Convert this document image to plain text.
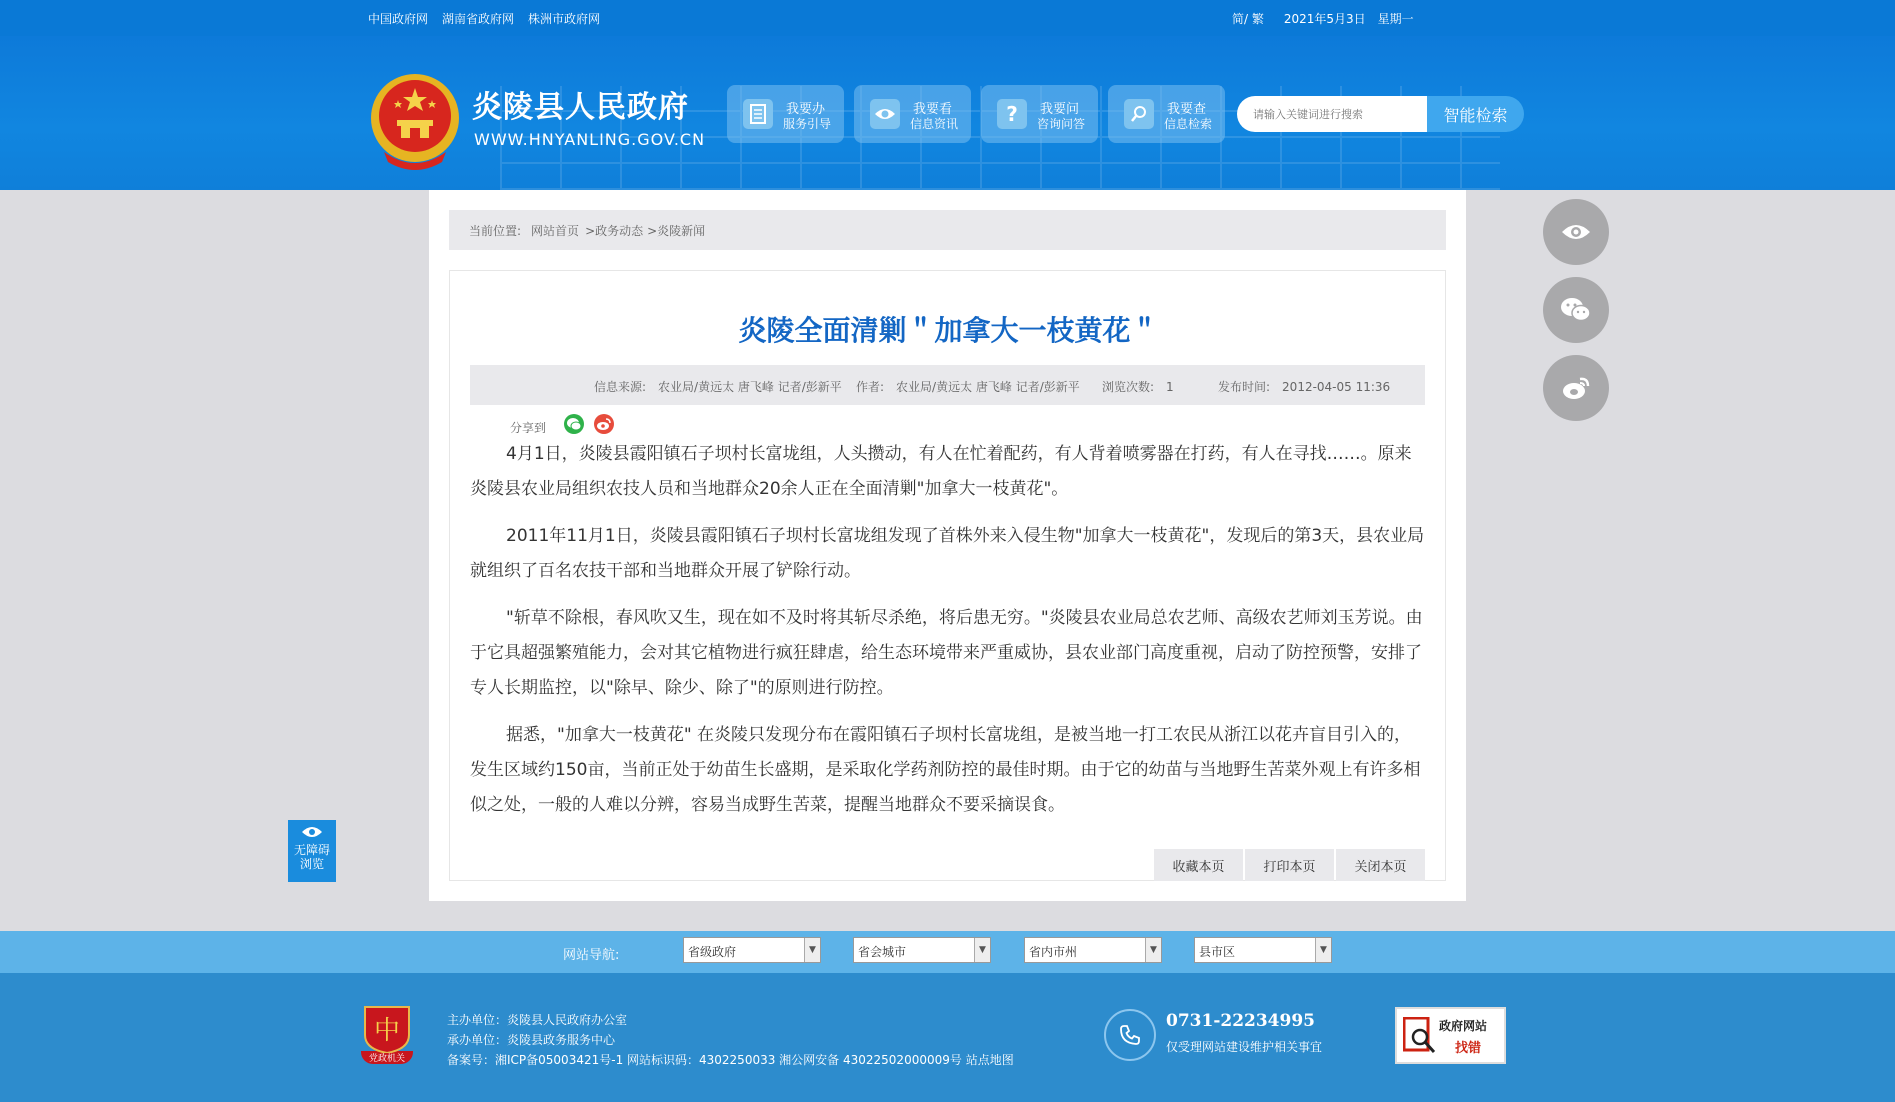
中国政府网 湖南省政府网 株洲市政府网	简/ 繁 2021年5月3日 星期一
炎陵县人民政府
WWW.HNYANLING.GOV.CN
我要办
服务引导
我要看
信息资讯 ? 我要问
咨询问答
我要查
信息检索
请输入关键词进行搜索	智能检索
当前位置: 网站首页 >政务动态 >炎陵新闻
炎陵全面清剿＂加拿大一枝黄花＂
信息来源:　农业局/黄远太 唐飞峰 记者/彭新平 作者:　农业局/黄远太 唐飞峰 记者/彭新平 浏览次数:　1	发布时间:　2012-04-05 11:36
分享到

4月1日，炎陵县霞阳镇石子坝村长富垅组，人头攒动，有人在忙着配药，有人背着喷雾器在打药，有人在寻找……。原来炎陵县农业局组织农技人员和当地群众20余人正在全面清剿"加拿大一枝黄花"。

2011年11月1日，炎陵县霞阳镇石子坝村长富垅组发现了首株外来入侵生物"加拿大一枝黄花"，发现后的第3天，县农业局就组织了百名农技干部和当地群众开展了铲除行动。

"斩草不除根，春风吹又生，现在如不及时将其斩尽杀绝，将后患无穷。"炎陵县农业局总农艺师、高级农艺师刘玉芳说。由于它具超强繁殖能力，会对其它植物进行疯狂肆虐，给生态环境带来严重威协，县农业部门高度重视，启动了防控预警，安排了专人长期监控，以"除早、除少、除了"的原则进行防控。

据悉，"加拿大一枝黄花" 在炎陵只发现分布在霞阳镇石子坝村长富垅组，是被当地一打工农民从浙江以花卉盲目引入的，发生区域约150亩，当前正处于幼苗生长盛期，是采取化学药剂防控的最佳时期。由于它的幼苗与当地野生苦菜外观上有许多相似之处，一般的人难以分辨，容易当成野生苦菜，提醒当地群众不要采摘误食。

收藏本页	打印本页	关闭本页
无障碍浏览
网站导航:	省级政府	▼	省会城市	▼	省内市州	▼	县市区	▼
中
党政机关
主办单位：炎陵县人民政府办公室
承办单位：炎陵县政务服务中心
备案号：湘ICP备05003421号-1 网站标识码：4302250033 湘公网安备 43022502000009号 站点地图
0731-22234995
仅受理网站建设维护相关事宜
政府网站
找错
